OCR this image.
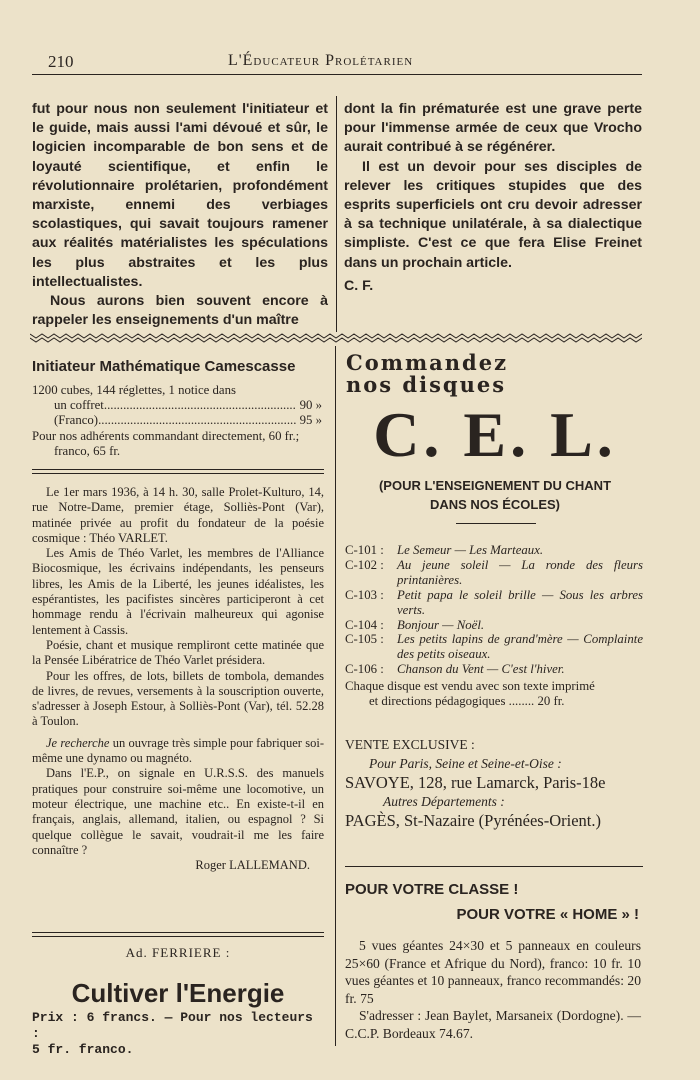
210	L'Éducateur Prolétarien

fut pour nous non seulement l'initiateur et le guide, mais aussi l'ami dévoué et sûr, le logicien incomparable de bon sens et de loyauté scientifique, et enfin le révolutionnaire prolétarien, profondément marxiste, ennemi des verbiages scolastiques, qui savait toujours ramener aux réalités matérialistes les spéculations les plus abstraites et les plus intellectualistes.

Nous aurons bien souvent encore à rappeler les enseignements d'un maître

dont la fin prématurée est une grave perte pour l'immense armée de ceux que Vrocho aurait contribué à se régénérer.

Il est un devoir pour ses disciples de relever les critiques stupides que des esprits superficiels ont cru devoir adresser à sa technique unilatérale, à sa dialectique simpliste. C'est ce que fera Elise Freinet dans un prochain article.

C. F.

Initiateur Mathématique Camescasse

1200 cubes, 144 réglettes, 1 notice dans

un coffret .....	90 »
(Franco) .....	95 »

Pour nos adhérents commandant directement, 60 fr.; franco, 65 fr.

Le 1er mars 1936, à 14 h. 30, salle Prolet-Kulturo, 14, rue Notre-Dame, premier étage, Solliès-Pont (Var), matinée privée au profit du fondateur de la poésie cosmique : Théo VARLET.

Les Amis de Théo Varlet, les membres de l'Alliance Biocosmique, les écrivains indépendants, les penseurs libres, les Amis de la Liberté, les jeunes idéalistes, les espérantistes, les pacifistes sincères participeront à cet hommage rendu à l'écrivain malheureux qui agonise lentement à Cassis.

Poésie, chant et musique rempliront cette matinée que la Pensée Libératrice de Théo Varlet présidera.

Pour les offres, de lots, billets de tombola, demandes de livres, de revues, versements à la souscription ouverte, s'adresser à Joseph Estour, à Solliès-Pont (Var), tél. 52.28 à Toulon.

Je recherche un ouvrage très simple pour fabriquer soi-même une dynamo ou magnéto.

Dans l'E.P., on signale en U.R.S.S. des manuels pratiques pour construire soi-même une locomotive, un moteur électrique, une machine etc.. En existe-t-il en français, anglais, allemand, italien, ou espagnol ? Si quelque collègue le savait, voudrait-il me les faire connaître ?

Roger LALLEMAND.

Ad. FERRIERE :
Cultiver l'Energie

Prix : 6 francs. — Pour nos lecteurs :

5 fr. franco.

Commandez
nos disques
C. E. L.
(POUR L'ENSEIGNEMENT DU CHANT
DANS NOS ÉCOLES)
C-101 :	Le Semeur — Les Marteaux.
C-102 :	Au jeune soleil — La ronde des fleurs printanières.
C-103 :	Petit papa le soleil brille — Sous les arbres verts.
C-104 :	Bonjour — Noël.
C-105 :	Les petits lapins de grand'mère — Complainte des petits oiseaux.
C-106 :	Chanson du Vent — C'est l'hiver.
Chaque disque est vendu avec son texte imprimé
et directions pédagogiques ........ 20 fr.

VENTE EXCLUSIVE :

Pour Paris, Seine et Seine-et-Oise :

SAVOYE, 128, rue Lamarck, Paris-18e

Autres Départements :

PAGÈS, St-Nazaire (Pyrénées-Orient.)

POUR VOTRE CLASSE !
POUR VOTRE « HOME » !

5 vues géantes 24×30 et 5 panneaux en couleurs 25×60 (France et Afrique du Nord), franco: 10 fr. 10 vues géantes et 10 panneaux, franco recommandés: 20 fr. 75

S'adresser : Jean Baylet, Marsaneix (Dordogne). — C.C.P. Bordeaux 74.67.
